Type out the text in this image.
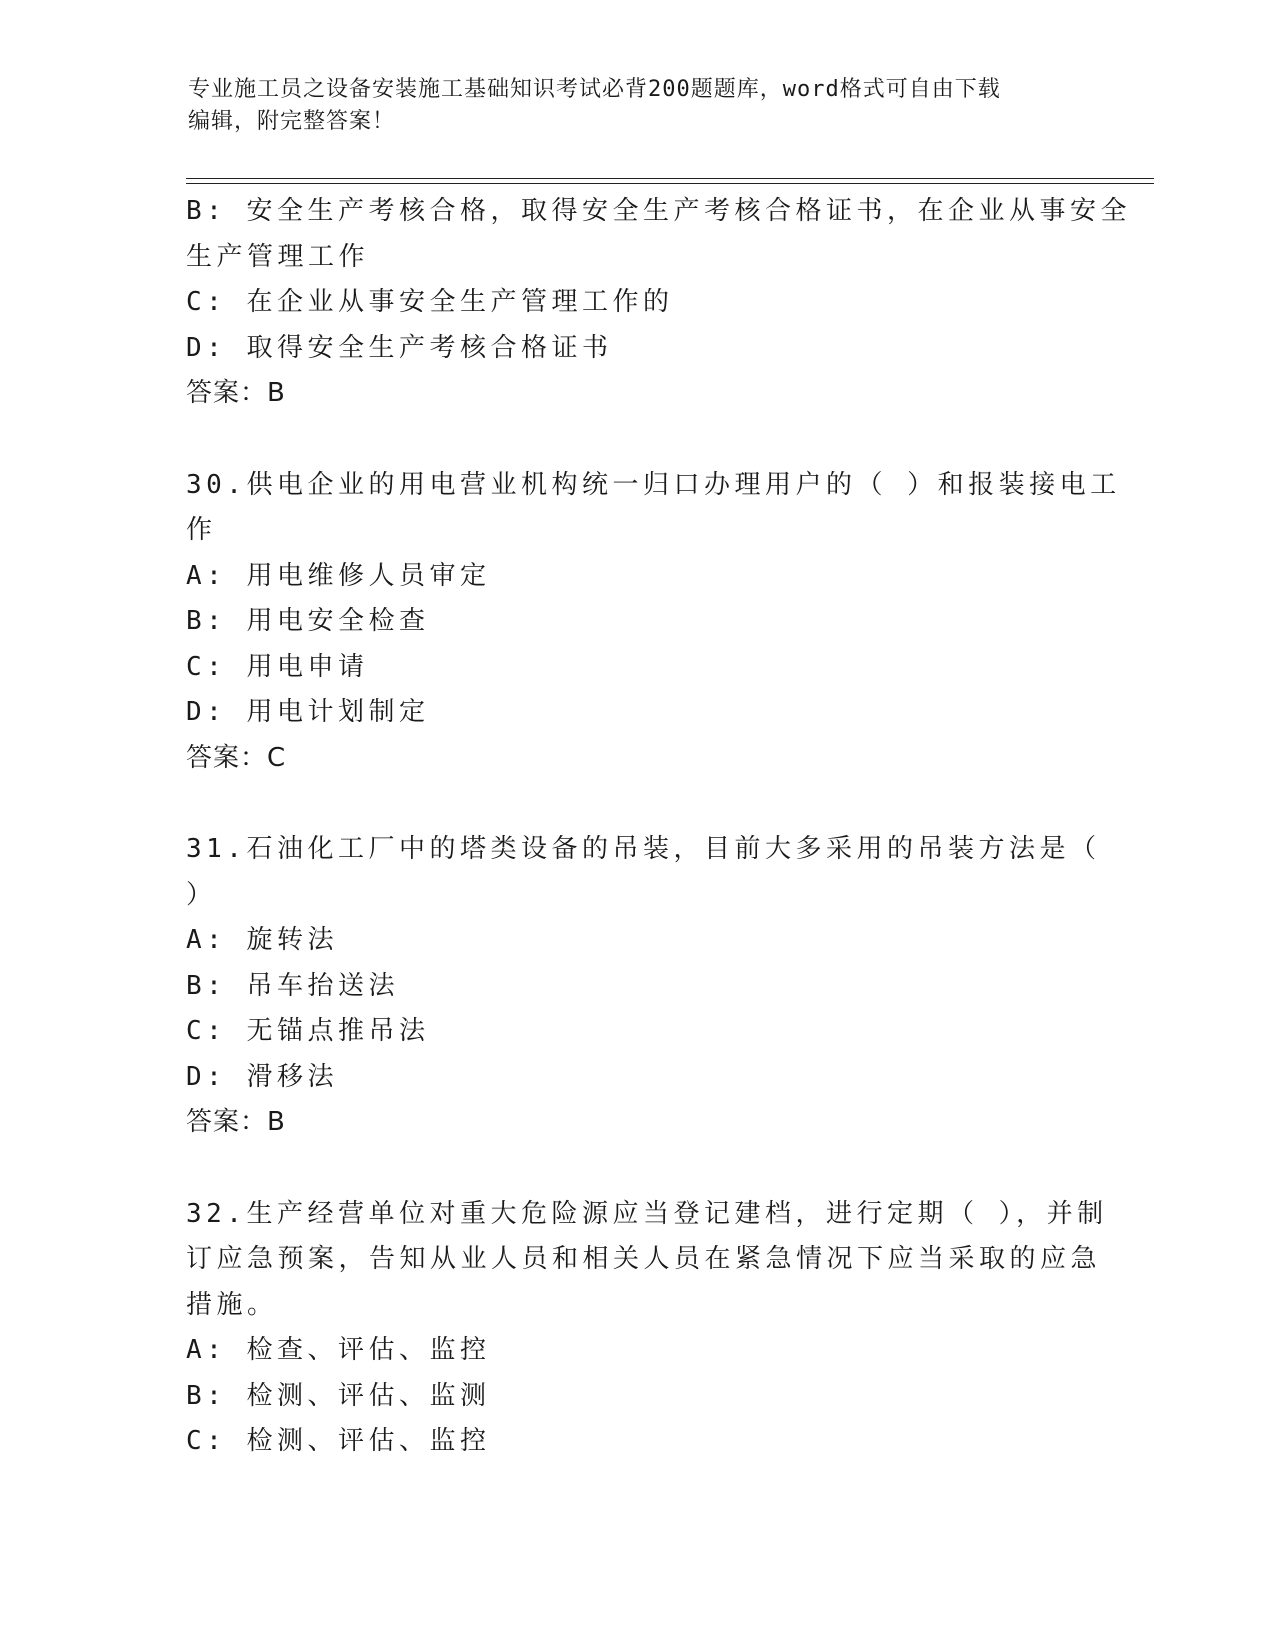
专业施工员之设备安装施工基础知识考试必背200题题库，word格式可自由下载
编辑，附完整答案！
B: 安全生产考核合格，取得安全生产考核合格证书，在企业从事安全
生产管理工作
C: 在企业从事安全生产管理工作的
D: 取得安全生产考核合格证书
答案：B
30.供电企业的用电营业机构统一归口办理用户的（ ）和报装接电工
作
A: 用电维修人员审定
B: 用电安全检查
C: 用电申请
D: 用电计划制定
答案：C
31.石油化工厂中的塔类设备的吊装，目前大多采用的吊装方法是（
）
A: 旋转法
B: 吊车抬送法
C: 无锚点推吊法
D: 滑移法
答案：B
32.生产经营单位对重大危险源应当登记建档，进行定期（ ），并制
订应急预案，告知从业人员和相关人员在紧急情况下应当采取的应急
措施。
A: 检查、评估、监控
B: 检测、评估、监测
C: 检测、评估、监控
